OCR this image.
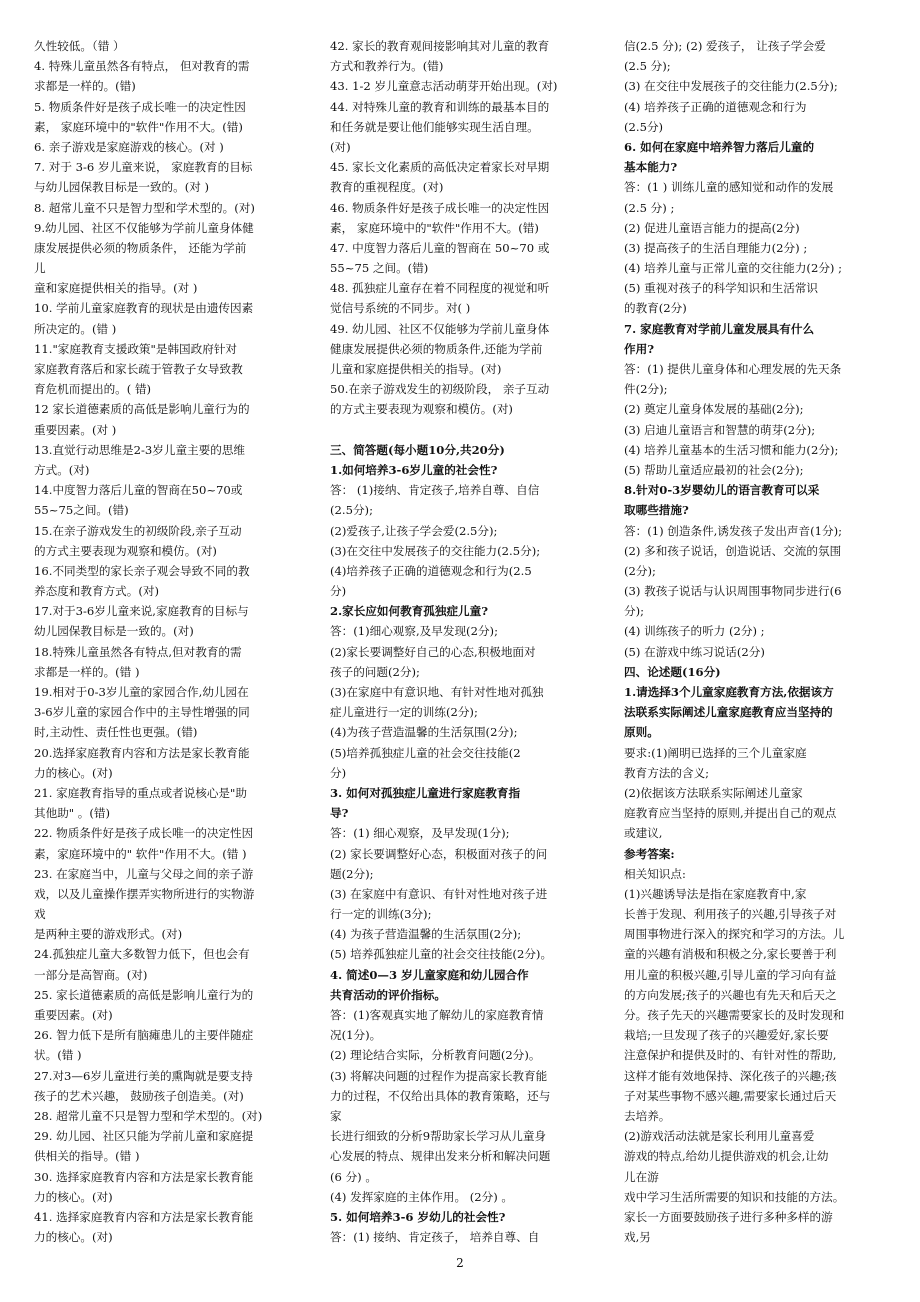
久性较低。（错 ）
4. 特殊儿童虽然各有特点， 但对教育的需
求都是一样的。(错)
5. 物质条件好是孩子成长唯一的决定性因
素， 家庭环境中的"软件"作用不大。(错)
6. 亲子游戏是家庭游戏的核心。(对 )
7. 对于 3-6 岁儿童来说， 家庭教育的目标
与幼儿园保教目标是一致的。(对 )
8. 超常儿童不只是智力型和学术型的。(对)
9.幼儿园、社区不仅能够为学前儿童身体健
康发展提供必须的物质条件， 还能为学前
儿
童和家庭提供相关的指导。(对 )
10. 学前儿童家庭教育的现状是由遗传因素
所决定的。(错 )
11."家庭教育支援政策"是韩国政府针对
家庭教育落后和家长疏于管教子女导致教
育危机而提出的。( 错)
12 家长道德素质的高低是影响儿童行为的
重要因素。(对 )
13.直觉行动思维是2-3岁儿童主要的思维
方式。(对)
14.中度智力落后儿童的智商在50~70或
55~75之间。(错)
15.在亲子游戏发生的初级阶段,亲子互动
的方式主要表现为观察和模仿。(对)
16.不同类型的家长亲子观会导致不同的教
养态度和教育方式。(对)
17.对于3-6岁儿童来说,家庭教育的目标与
幼儿园保教目标是一致的。(对)
18.特殊儿童虽然各有特点,但对教育的需
求都是一样的。(错 )
19.相对于0-3岁儿童的家园合作,幼儿园在
3-6岁儿童的家园合作中的主导性增强的同
时,主动性、责任性也更强。(错)
20.选择家庭教育内容和方法是家长教育能
力的核心。(对)
21. 家庭教育指导的重点或者说核心是"助
其他助" 。(错)
22. 物质条件好是孩子成长唯一的决定性因
素，家庭环境中的" 软件"作用不大。(错 )
23. 在家庭当中，儿童与父母之间的亲子游
戏，以及儿童操作摆弄实物所进行的实物游
戏
是两种主要的游戏形式。(对)
24.孤独症儿童大多数智力低下，但也会有
一部分是高智商。(对)
25. 家长道德素质的高低是影响儿童行为的
重要因素。(对)
26. 智力低下是所有脑瘫患儿的主要伴随症
状。(错 )
27.对3—6岁儿童进行美的熏陶就是要支持
孩子的艺术兴趣， 鼓励孩子创造美。(对)
28. 超常儿童不只是智力型和学术型的。(对)
29. 幼儿园、社区只能为学前儿童和家庭提
供相关的指导。(错 )
30. 选择家庭教育内容和方法是家长教育能
力的核心。(对)
41. 选择家庭教育内容和方法是家长教育能
力的核心。(对)
42. 家长的教育观间接影响其对儿童的教育
方式和教养行为。(错)
43. 1-2 岁儿童意志活动萌芽开始出现。(对)
44. 对特殊儿童的教育和训练的最基本目的
和任务就是要让他们能够实现生活自理。
(对)
45. 家长文化素质的高低决定着家长对早期
教育的重视程度。(对)
46. 物质条件好是孩子成长唯一的决定性因
素， 家庭环境中的"软件"作用不大。(错)
47. 中度智力落后儿童的智商在 50~70 或
55~75 之间。(错)
48. 孤独症儿童存在着不同程度的视觉和听
觉信号系统的不同步。对( )
49. 幼儿园、社区不仅能够为学前儿童身体
健康发展提供必须的物质条件,还能为学前
儿童和家庭提供相关的指导。(对)
50.在亲子游戏发生的初级阶段， 亲子互动
的方式主要表现为观察和模仿。(对)
三、简答题(每小题10分,共20分)
1.如何培养3-6岁儿童的社会性?
答： (1)接纳、肯定孩子,培养自尊、自信
(2.5分);
(2)爱孩子,让孩子学会爱(2.5分);
(3)在交往中发展孩子的交往能力(2.5分);
(4)培养孩子正确的道德观念和行为(2.5
分)
2.家长应如何教育孤独症儿童?
答：(1)细心观察,及早发现(2分);
(2)家长要调整好自己的心态,积极地面对
孩子的问题(2分);
(3)在家庭中有意识地、有针对性地对孤独
症儿童进行一定的训练(2分);
(4)为孩子营造温馨的生活氛围(2分);
(5)培养孤独症儿童的社会交往技能(2
分)
3. 如何对孤独症儿童进行家庭教育指
导?
答：(1) 细心观察，及早发现(1分);
(2) 家长要调整好心态，积极面对孩子的问
题(2分);
(3) 在家庭中有意识、有针对性地对孩子进
行一定的训练(3分);
(4) 为孩子营造温馨的生活氛围(2分);
(5) 培养孤独症儿童的社会交往技能(2分)。
4. 简述0—3 岁儿童家庭和幼儿园合作
共育活动的评价指标。
答：(1)客观真实地了解幼儿的家庭教育情
况(1分)。
(2) 理论结合实际，分析教育问题(2分)。
(3) 将解决问题的过程作为提高家长教育能
力的过程，不仅给出具体的教育策略，还与
家
长进行细致的分析9帮助家长学习从儿童身
心发展的特点、规律出发来分析和解决问题
(6 分) 。
(4) 发挥家庭的主体作用。 (2分) 。
5. 如何培养3-6 岁幼儿的社会性?
答：(1) 接纳、肯定孩子， 培养自尊、自
信(2.5 分); (2) 爱孩子， 让孩子学会爱
(2.5 分);
(3) 在交往中发展孩子的交往能力(2.5分);
(4) 培养孩子正确的道德观念和行为
(2.5分)
6. 如何在家庭中培养智力落后儿童的
基本能力?
答：(1 ) 训练儿童的感知觉和动作的发展
(2.5 分) ;
(2) 促进儿童语言能力的提高(2分)
(3) 提高孩子的生活自理能力(2分) ;
(4) 培养儿童与正常儿童的交往能力(2分) ;
(5) 重视对孩子的科学知识和生活常识
的教育(2分)
7. 家庭教育对学前儿童发展具有什么
作用?
答：(1) 提供儿童身体和心理发展的先天条
件(2分);
(2) 奠定儿童身体发展的基础(2分);
(3) 启迪儿童语言和智慧的萌芽(2分);
(4) 培养儿童基本的生活习惯和能力(2分);
(5) 帮助儿童适应最初的社会(2分);
8.针对0-3岁婴幼儿的语言教育可以采
取哪些措施?
答：(1) 创造条件,诱发孩子发出声音(1分);
(2) 多和孩子说话，创造说话、交流的氛围
(2分);
(3) 教孩子说话与认识周围事物同步进行(6
分);
(4) 训练孩子的听力 (2分) ;
(5) 在游戏中练习说话(2分)
四、论述题(16分)
1.请选择3个儿童家庭教育方法,依据该方
法联系实际阐述儿童家庭教育应当坚持的
原则。
要求:(1)阐明已选择的三个儿童家庭
教育方法的含义;
(2)依据该方法联系实际阐述儿童家
庭教育应当坚持的原则,并提出自己的观点
或建议,
参考答案:
相关知识点:
(1)兴趣诱导法是指在家庭教育中,家
长善于发现、利用孩子的兴趣,引导孩子对
周围事物进行深入的探究和学习的方法。儿
童的兴趣有消极和积极之分,家长要善于利
用儿童的积极兴趣,引导儿童的学习向有益
的方向发展;孩子的兴趣也有先天和后天之
分。孩子先天的兴趣需要家长的及时发现和
栽培;一旦发现了孩子的兴趣爱好,家长要
注意保护和提供及时的、有针对性的帮助,
这样才能有效地保持、深化孩子的兴趣;孩
子对某些事物不感兴趣,需要家长通过后天
去培养。
(2)游戏活动法就是家长利用儿童喜爱
游戏的特点,给幼儿提供游戏的机会,让幼
儿在游
戏中学习生活所需要的知识和技能的方法。
家长一方面要鼓励孩子进行多种多样的游
戏,另
2
